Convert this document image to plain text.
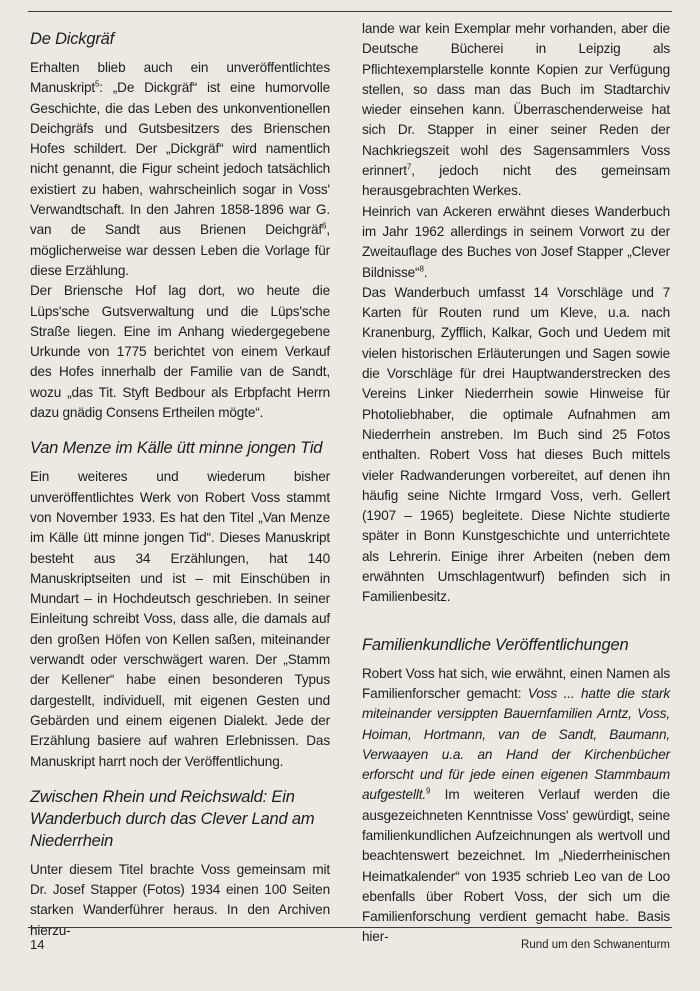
De Dickgräf

Erhalten blieb auch ein unveröffentlichtes Manuskript$^5$: „De Dickgräf“ ist eine humorvolle Geschichte, die das Leben des unkonventionellen Deichgräfs und Gutsbesitzers des Brienschen Hofes schildert. Der „Dickgräf“ wird namentlich nicht genannt, die Figur scheint jedoch tatsächlich existiert zu haben, wahrscheinlich sogar in Voss' Verwandtschaft. In den Jahren 1858-1896 war G. van de Sandt aus Brienen Deichgräf$^6$, möglicherweise war dessen Leben die Vorlage für diese Erzählung.

Der Briensche Hof lag dort, wo heute die Lüps'sche Gutsverwaltung und die Lüps'sche Straße liegen. Eine im Anhang wiedergegebene Urkunde von 1775 berichtet von einem Verkauf des Hofes innerhalb der Familie van de Sandt, wozu „das Tit. Styft Bedbour als Erbpfacht Herrn dazu gnädig Consens Ertheilen mögte“.

Van Menze im Källe ütt minne jongen Tid

Ein weiteres und wiederum bisher unveröffentlichtes Werk von Robert Voss stammt von November 1933. Es hat den Titel „Van Menze im Källe ütt minne jongen Tid“. Dieses Manuskript besteht aus 34 Erzählungen, hat 140 Manuskriptseiten und ist – mit Einschüben in Mundart – in Hochdeutsch geschrieben. In seiner Einleitung schreibt Voss, dass alle, die damals auf den großen Höfen von Kellen saßen, miteinander verwandt oder verschwägert waren. Der „Stamm der Kellener“ habe einen besonderen Typus dargestellt, individuell, mit eigenen Gesten und Gebärden und einem eigenen Dialekt. Jede der Erzählung basiere auf wahren Erlebnissen. Das Manuskript harrt noch der Veröffentlichung.

Zwischen Rhein und Reichswald: Ein Wanderbuch durch das Clever Land am Niederrhein

Unter diesem Titel brachte Voss gemeinsam mit Dr. Josef Stapper (Fotos) 1934 einen 100 Seiten starken Wanderführer heraus. In den Archiven hierzu-

lande war kein Exemplar mehr vorhanden, aber die Deutsche Bücherei in Leipzig als Pflichtexemplarstelle konnte Kopien zur Verfügung stellen, so dass man das Buch im Stadtarchiv wieder einsehen kann. Überraschenderweise hat sich Dr. Stapper in einer seiner Reden der Nachkriegszeit wohl des Sagensammlers Voss erinnert$^7$, jedoch nicht des gemeinsam herausgebrachten Werkes.

Heinrich van Ackeren erwähnt dieses Wanderbuch im Jahr 1962 allerdings in seinem Vorwort zu der Zweitauflage des Buches von Josef Stapper „Clever Bildnisse“$^8$.

Das Wanderbuch umfasst 14 Vorschläge und 7 Karten für Routen rund um Kleve, u.a. nach Kranenburg, Zyfflich, Kalkar, Goch und Uedem mit vielen historischen Erläuterungen und Sagen sowie die Vorschläge für drei Hauptwanderstrecken des Vereins Linker Niederrhein sowie Hinweise für Photoliebhaber, die optimale Aufnahmen am Niederrhein anstreben. Im Buch sind 25 Fotos enthalten. Robert Voss hat dieses Buch mittels vieler Radwanderungen vorbereitet, auf denen ihn häufig seine Nichte Irmgard Voss, verh. Gellert (1907 – 1965) begleitete. Diese Nichte studierte später in Bonn Kunstgeschichte und unterrichtete als Lehrerin. Einige ihrer Arbeiten (neben dem erwähnten Umschlagentwurf) befinden sich in Familienbesitz.

Familienkundliche Veröffentlichungen

Robert Voss hat sich, wie erwähnt, einen Namen als Familienforscher gemacht: Voss ... hatte die stark miteinander versippten Bauernfamilien Arntz, Voss, Hoiman, Hortmann, van de Sandt, Baumann, Verwaayen u.a. an Hand der Kirchenbücher erforscht und für jede einen eigenen Stammbaum aufgestellt.$^9$ Im weiteren Verlauf werden die ausgezeichneten Kenntnisse Voss' gewürdigt, seine familienkundlichen Aufzeichnungen als wertvoll und beachtenswert bezeichnet. Im „Niederrheinischen Heimatkalender“ von 1935 schrieb Leo van de Loo ebenfalls über Robert Voss, der sich um die Familienforschung verdient gemacht habe. Basis hier-

14	Rund um den Schwanenturm
